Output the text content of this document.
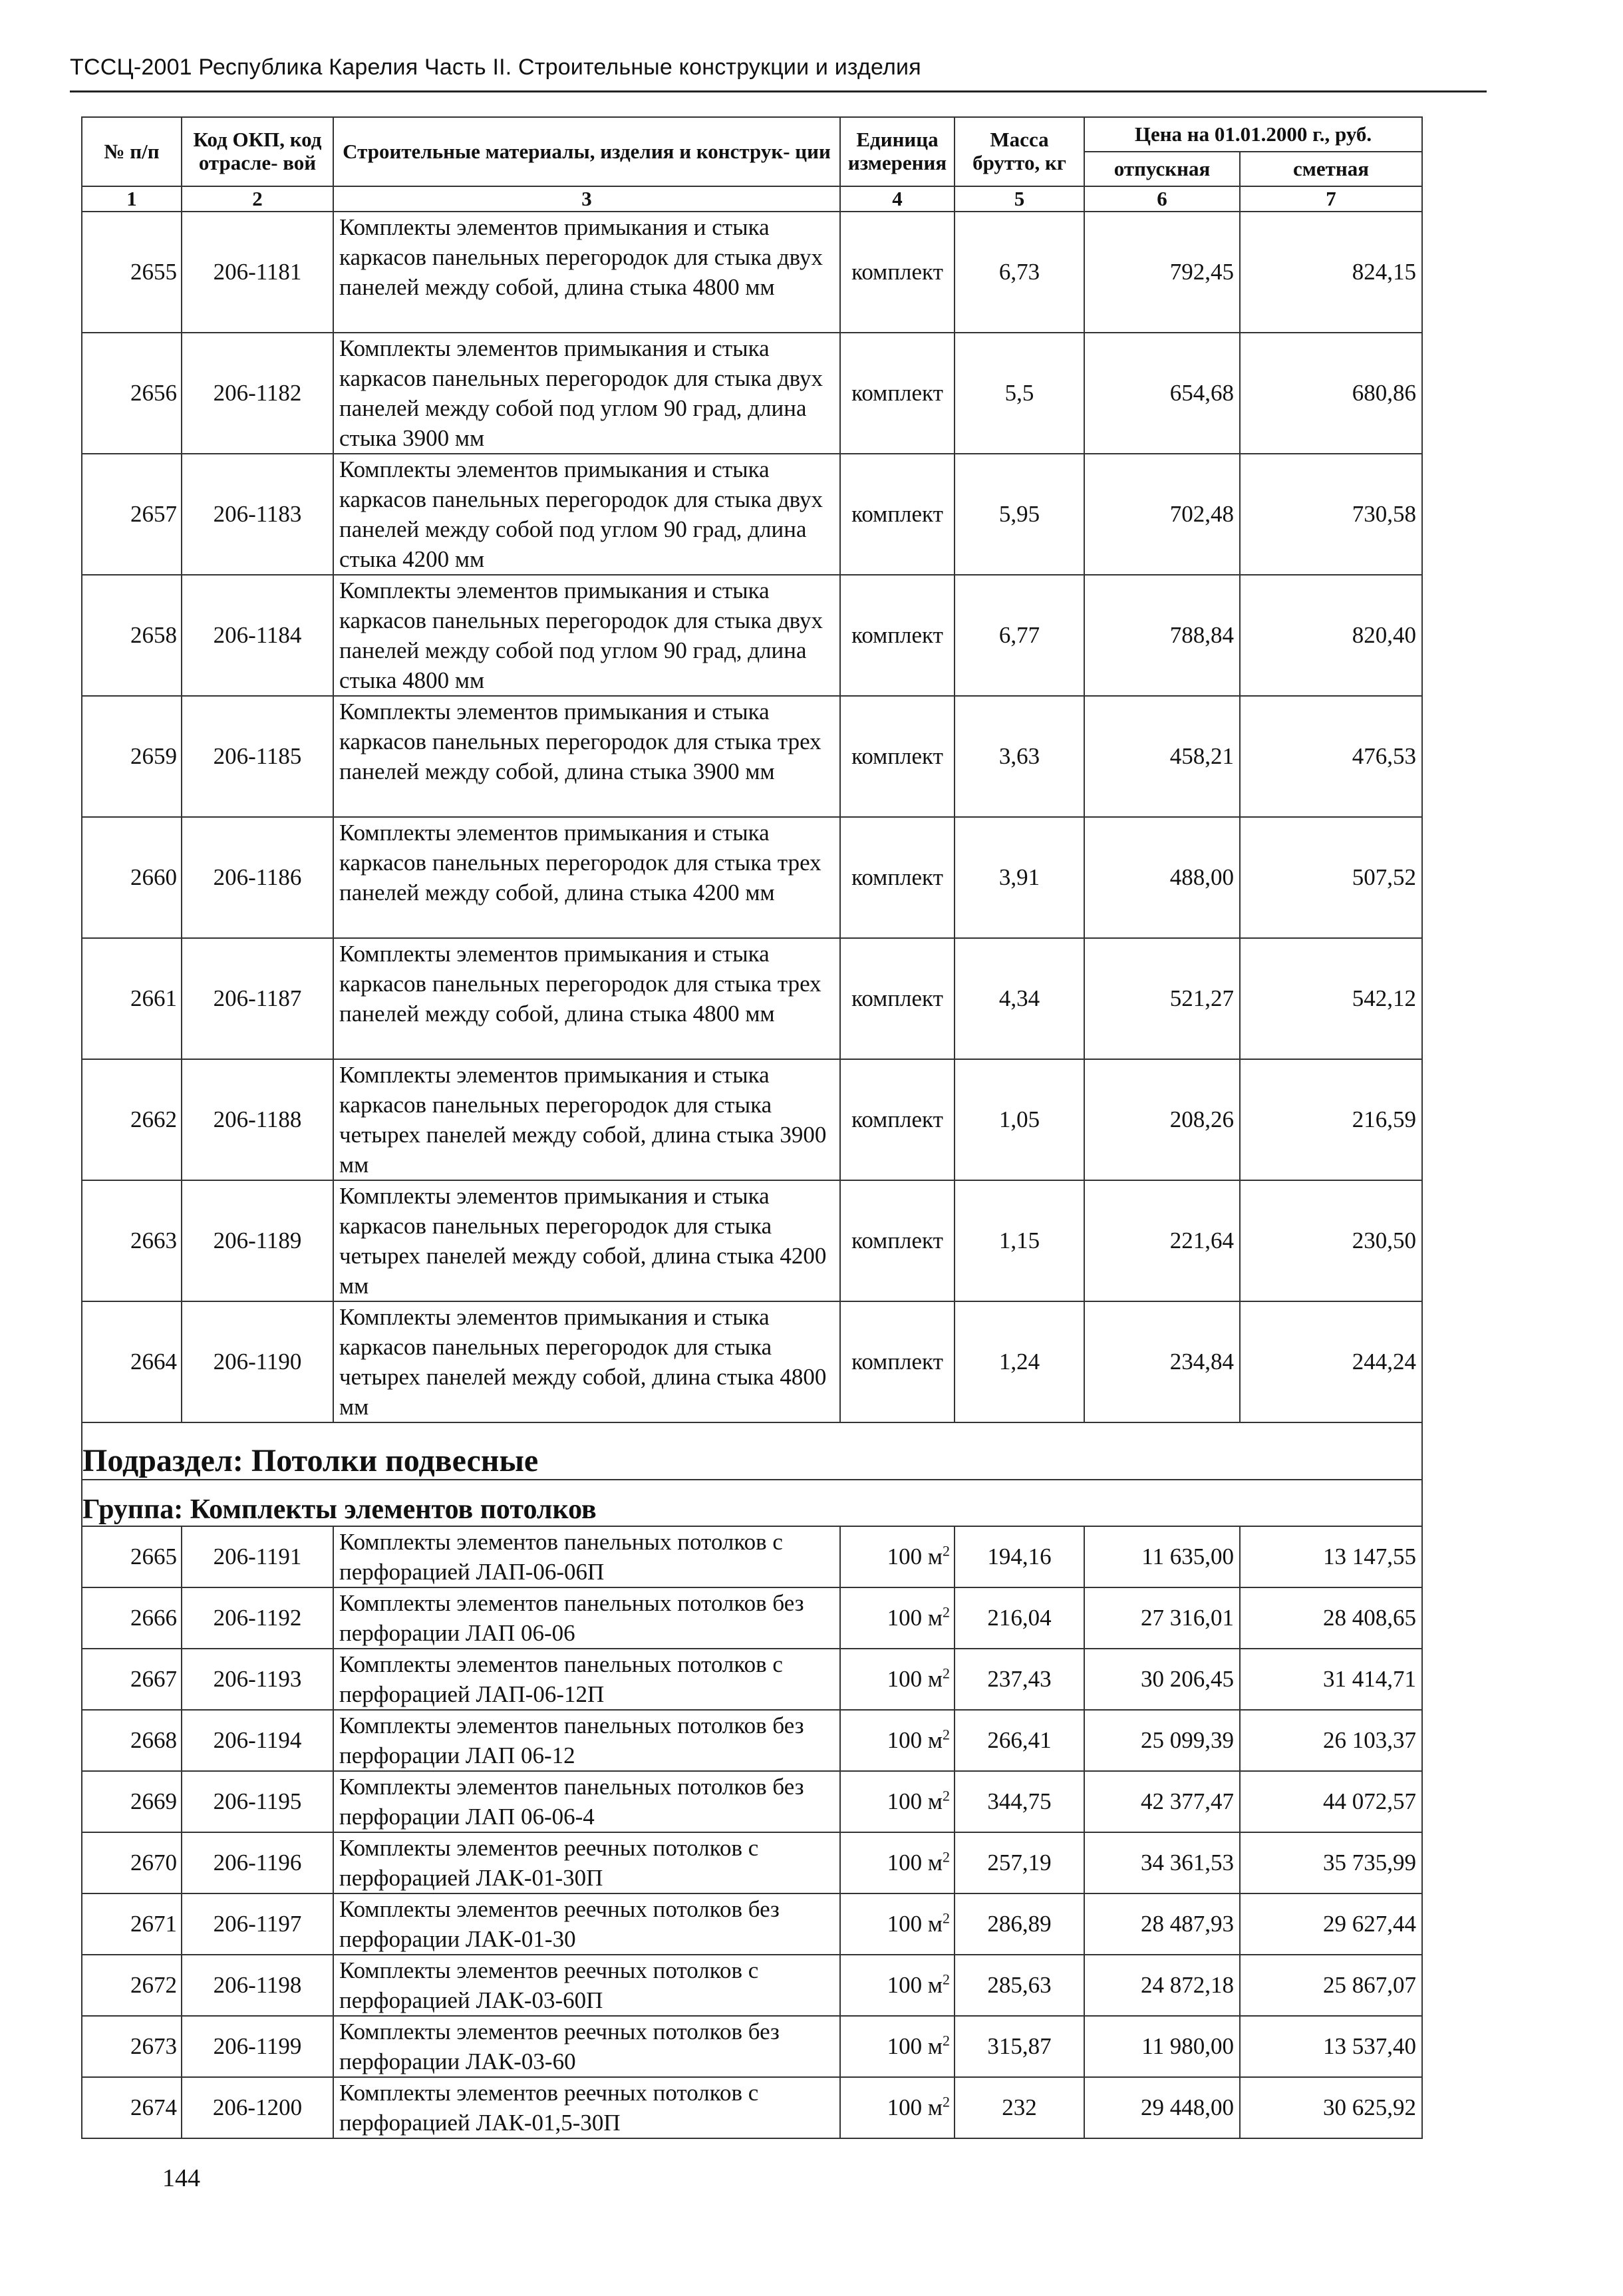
ТССЦ-2001 Республика Карелия Часть II. Строительные конструкции и изделия
№ п/п	Код ОКП, код отрасле- вой	Строительные материалы, изделия и конструк- ции	Единица измерения	Масса брутто, кг	Цена на 01.01.2000 г., руб.	
					отпускная	сметная
1	2	3	4	5	6	7
2655	206-1181	Комплекты элементов примыкания и стыка каркасов панельных перегородок для стыка двух панелей между собой, длина стыка 4800 мм	комплект	6,73	792,45	824,15
2656	206-1182	Комплекты элементов примыкания и стыка каркасов панельных перегородок для стыка двух панелей между собой под углом 90 град, длина стыка 3900 мм	комплект	5,5	654,68	680,86
2657	206-1183	Комплекты элементов примыкания и стыка каркасов панельных перегородок для стыка двух панелей между собой под углом 90 град, длина стыка 4200 мм	комплект	5,95	702,48	730,58
2658	206-1184	Комплекты элементов примыкания и стыка каркасов панельных перегородок для стыка двух панелей между собой под углом 90 град, длина стыка 4800 мм	комплект	6,77	788,84	820,40
2659	206-1185	Комплекты элементов примыкания и стыка каркасов панельных перегородок для стыка трех панелей между собой, длина стыка 3900 мм	комплект	3,63	458,21	476,53
2660	206-1186	Комплекты элементов примыкания и стыка каркасов панельных перегородок для стыка трех панелей между собой, длина стыка 4200 мм	комплект	3,91	488,00	507,52
2661	206-1187	Комплекты элементов примыкания и стыка каркасов панельных перегородок для стыка трех панелей между собой, длина стыка 4800 мм	комплект	4,34	521,27	542,12
2662	206-1188	Комплекты элементов примыкания и стыка каркасов панельных перегородок для стыка четырех панелей между собой, длина стыка 3900 мм	комплект	1,05	208,26	216,59
2663	206-1189	Комплекты элементов примыкания и стыка каркасов панельных перегородок для стыка четырех панелей между собой, длина стыка 4200 мм	комплект	1,15	221,64	230,50
2664	206-1190	Комплекты элементов примыкания и стыка каркасов панельных перегородок для стыка четырех панелей между собой, длина стыка 4800 мм	комплект	1,24	234,84	244,24
Подраздел: Потолки подвесные						
Группа: Комплекты элементов потолков						
2665	206-1191	Комплекты элементов панельных потолков с перфорацией ЛАП-06-06П	100 $м^2$	194,16	11 635,00	13 147,55
2666	206-1192	Комплекты элементов панельных потолков без перфорации ЛАП 06-06	100 $м^2$	216,04	27 316,01	28 408,65
2667	206-1193	Комплекты элементов панельных потолков с перфорацией ЛАП-06-12П	100 $м^2$	237,43	30 206,45	31 414,71
2668	206-1194	Комплекты элементов панельных потолков без перфорации ЛАП 06-12	100 $м^2$	266,41	25 099,39	26 103,37
2669	206-1195	Комплекты элементов панельных потолков без перфорации ЛАП 06-06-4	100 $м^2$	344,75	42 377,47	44 072,57
2670	206-1196	Комплекты элементов реечных потолков с перфорацией ЛАК-01-30П	100 $м^2$	257,19	34 361,53	35 735,99
2671	206-1197	Комплекты элементов реечных потолков без перфорации ЛАК-01-30	100 $м^2$	286,89	28 487,93	29 627,44
2672	206-1198	Комплекты элементов реечных потолков с перфорацией ЛАК-03-60П	100 $м^2$	285,63	24 872,18	25 867,07
2673	206-1199	Комплекты элементов реечных потолков без перфорации ЛАК-03-60	100 $м^2$	315,87	11 980,00	13 537,40
2674	206-1200	Комплекты элементов реечных потолков с перфорацией ЛАК-01,5-30П	100 $м^2$	232	29 448,00	30 625,92
144
